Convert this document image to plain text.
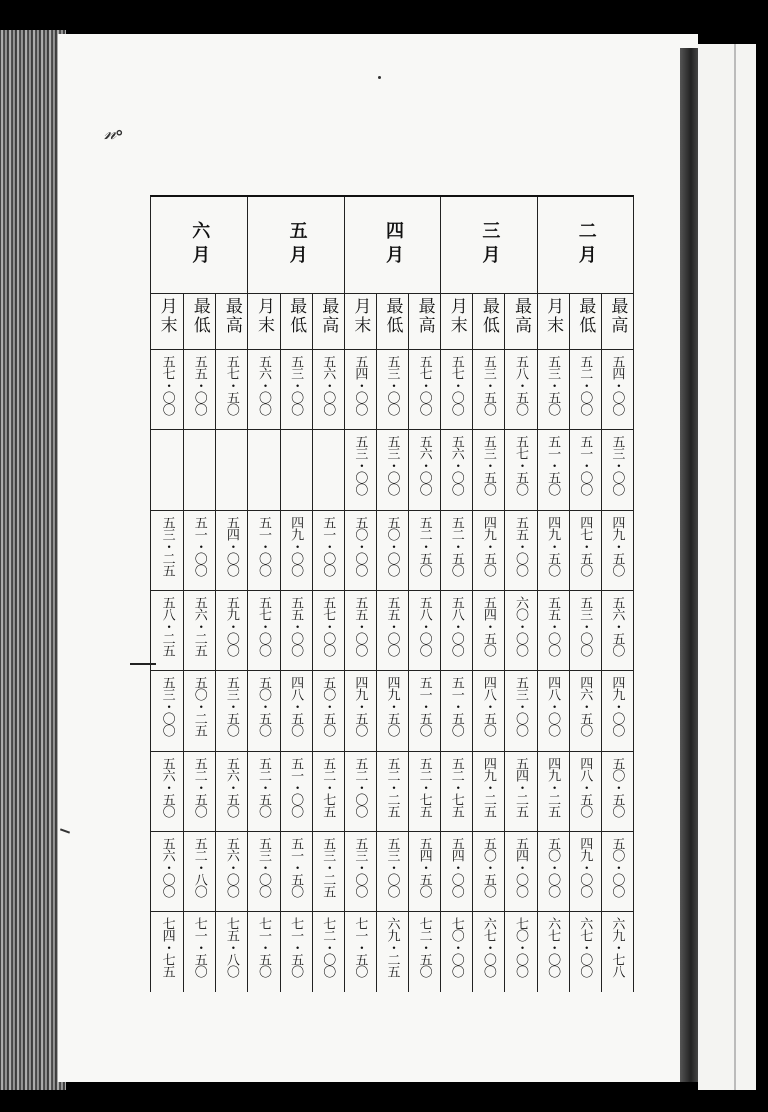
𝓃∘
二月
三月
四月
五月
六月
最高
最低
月末
最高
最低
月末
最高
最低
月末
最高
最低
月末
最高
最低
月末
五四・〇〇
五二・〇〇
五三・五〇
五八・五〇
五三・五〇
五七・〇〇
五七・〇〇
五三・〇〇
五四・〇〇
五六・〇〇
五三・〇〇
五六・〇〇
五七・五〇
五五・〇〇
五七・〇〇
五三・〇〇
五一・〇〇
五一・五〇
五七・五〇
五三・五〇
五六・〇〇
五六・〇〇
五三・〇〇
五三・〇〇
四九・五〇
四七・五〇
四九・五〇
五五・〇〇
四九・五〇
五二・五〇
五二・五〇
五〇・〇〇
五〇・〇〇
五一・〇〇
四九・〇〇
五一・〇〇
五四・〇〇
五一・〇〇
五三・二五
五六・五〇
五三・〇〇
五五・〇〇
六〇・〇〇
五四・五〇
五八・〇〇
五八・〇〇
五五・〇〇
五五・〇〇
五七・〇〇
五五・〇〇
五七・〇〇
五九・〇〇
五六・二五
五八・二五
四九・〇〇
四六・五〇
四八・〇〇
五三・〇〇
四八・五〇
五一・五〇
五一・五〇
四九・五〇
四九・五〇
五〇・五〇
四八・五〇
五〇・五〇
五三・五〇
五〇・二五
五三・〇〇
五〇・五〇
四八・五〇
四九・二五
五四・二五
四九・二五
五二・七五
五二・七五
五二・二五
五二・〇〇
五二・七五
五一・〇〇
五二・五〇
五六・五〇
五二・五〇
五六・五〇
五〇・〇〇
四九・〇〇
五〇・〇〇
五四・〇〇
五〇・五〇
五四・〇〇
五四・五〇
五三・〇〇
五三・〇〇
五三・二五
五一・五〇
五三・〇〇
五六・〇〇
五二・八〇
五六・〇〇
六九・七八
六七・〇〇
六七・〇〇
七〇・〇〇
六七・〇〇
七〇・〇〇
七二・五〇
六九・二五
七一・五〇
七二・〇〇
七一・五〇
七一・五〇
七五・八〇
七一・五〇
七四・七五
